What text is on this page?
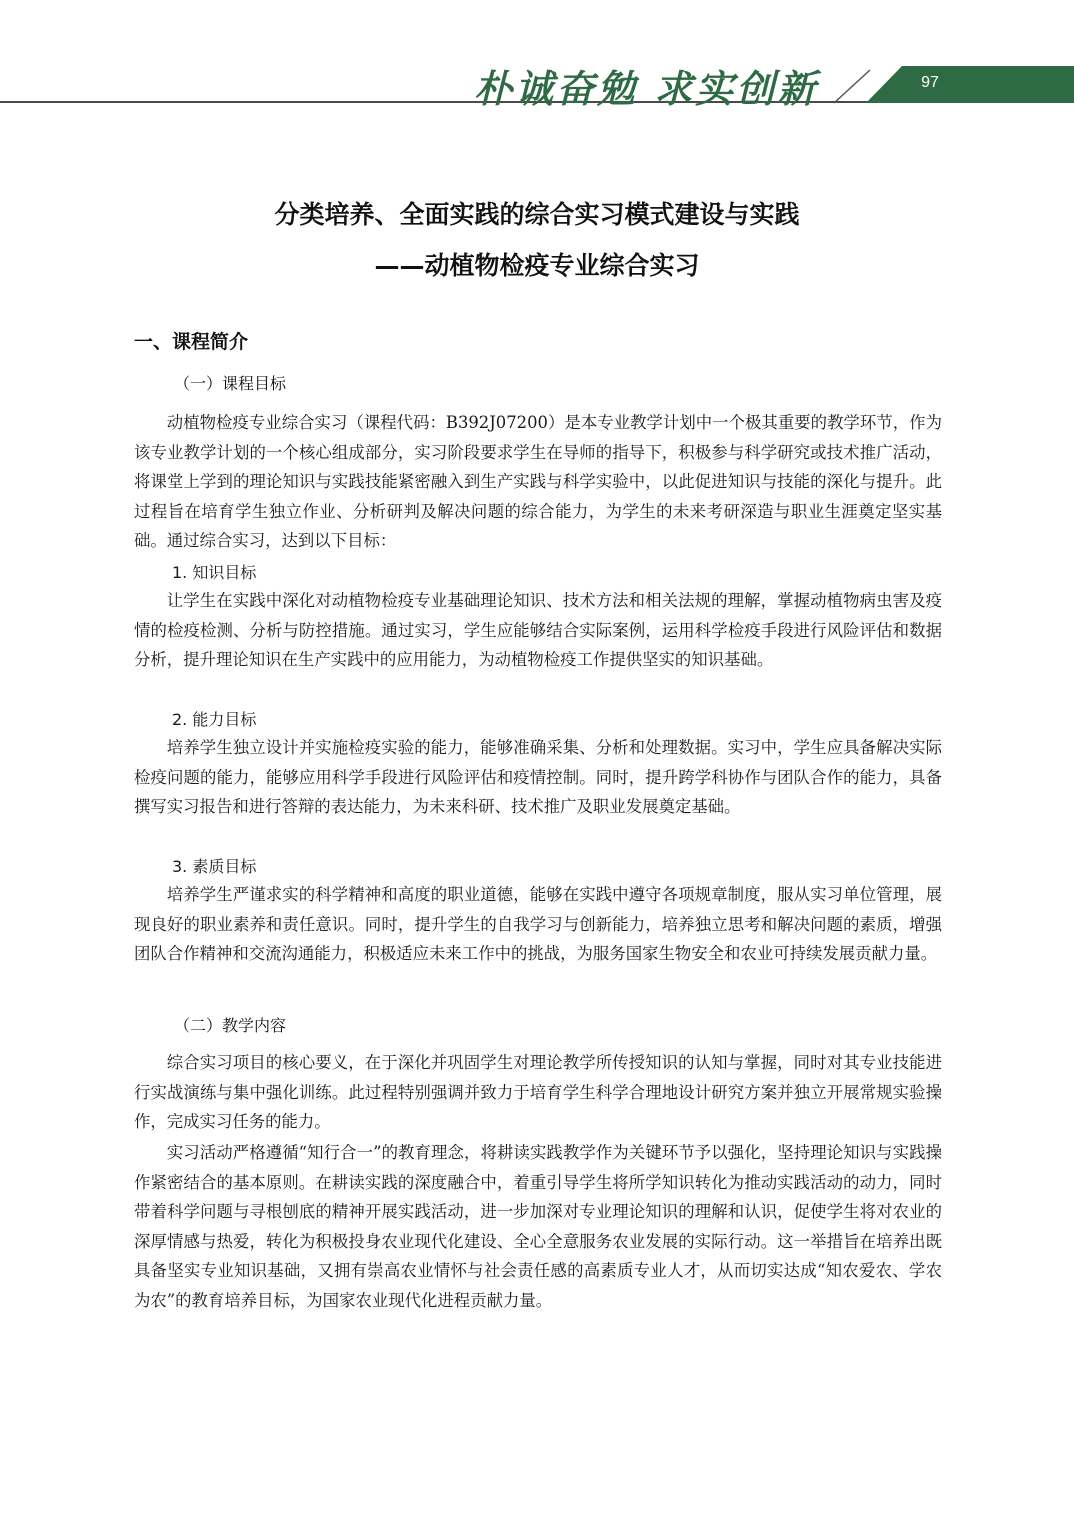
朴诚奋勉 求实创新	97
分类培养、全面实践的综合实习模式建设与实践
——动植物检疫专业综合实习
一、课程简介
（一）课程目标

动植物检疫专业综合实习（课程代码：B392J07200）是本专业教学计划中一个极其重要的教学环节，作为该专业教学计划的一个核心组成部分，实习阶段要求学生在导师的指导下，积极参与科学研究或技术推广活动，将课堂上学到的理论知识与实践技能紧密融入到生产实践与科学实验中，以此促进知识与技能的深化与提升。此过程旨在培育学生独立作业、分析研判及解决问题的综合能力，为学生的未来考研深造与职业生涯奠定坚实基础。通过综合实习，达到以下目标：

1. 知识目标

让学生在实践中深化对动植物检疫专业基础理论知识、技术方法和相关法规的理解，掌握动植物病虫害及疫情的检疫检测、分析与防控措施。通过实习，学生应能够结合实际案例，运用科学检疫手段进行风险评估和数据分析，提升理论知识在生产实践中的应用能力，为动植物检疫工作提供坚实的知识基础。

2. 能力目标

培养学生独立设计并实施检疫实验的能力，能够准确采集、分析和处理数据。实习中，学生应具备解决实际检疫问题的能力，能够应用科学手段进行风险评估和疫情控制。同时，提升跨学科协作与团队合作的能力，具备撰写实习报告和进行答辩的表达能力，为未来科研、技术推广及职业发展奠定基础。

3. 素质目标

培养学生严谨求实的科学精神和高度的职业道德，能够在实践中遵守各项规章制度，服从实习单位管理，展现良好的职业素养和责任意识。同时，提升学生的自我学习与创新能力，培养独立思考和解决问题的素质，增强团队合作精神和交流沟通能力，积极适应未来工作中的挑战，为服务国家生物安全和农业可持续发展贡献力量。

（二）教学内容

综合实习项目的核心要义，在于深化并巩固学生对理论教学所传授知识的认知与掌握，同时对其专业技能进行实战演练与集中强化训练。此过程特别强调并致力于培育学生科学合理地设计研究方案并独立开展常规实验操作，完成实习任务的能力。

实习活动严格遵循“知行合一”的教育理念，将耕读实践教学作为关键环节予以强化，坚持理论知识与实践操作紧密结合的基本原则。在耕读实践的深度融合中，着重引导学生将所学知识转化为推动实践活动的动力，同时带着科学问题与寻根刨底的精神开展实践活动，进一步加深对专业理论知识的理解和认识，促使学生将对农业的深厚情感与热爱，转化为积极投身农业现代化建设、全心全意服务农业发展的实际行动。这一举措旨在培养出既具备坚实专业知识基础，又拥有崇高农业情怀与社会责任感的高素质专业人才，从而切实达成“知农爱农、学农为农”的教育培养目标，为国家农业现代化进程贡献力量。
